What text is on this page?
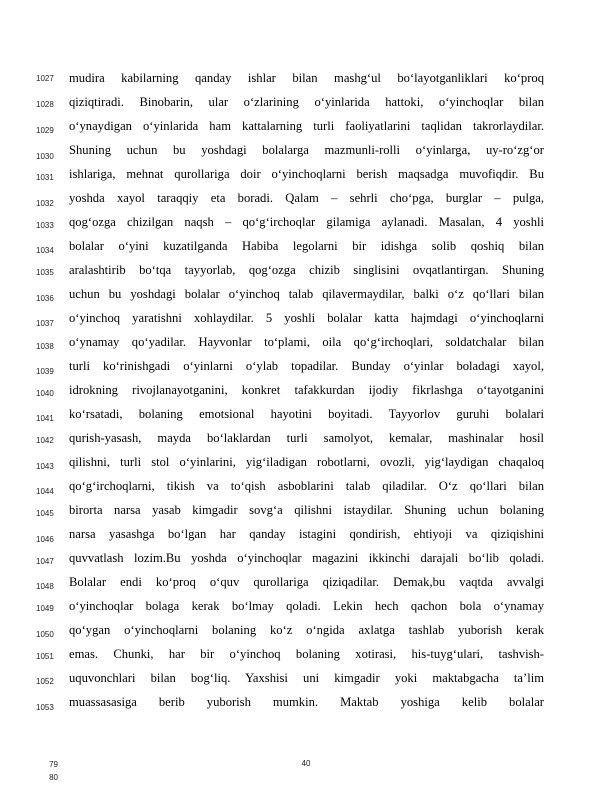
1027
1028
1029
1030
1031
1032
1033
1034
1035
1036
1037
1038
1039
1040
1041
1042
1043
1044
1045
1046
1047
1048
1049
1050
1051
1052
1053
mudira kabilarning qanday ishlar bilan mashg‘ul bo‘layotganliklari ko‘proq
qiziqtiradi. Binobarin, ular o‘zlarining o‘yinlarida hattoki, o‘yinchoqlar bilan
o‘ynaydigan o‘yinlarida ham kattalarning turli faoliyatlarini taqlidan takrorlaydilar.
Shuning uchun bu yoshdagi bolalarga mazmunli-rolli o‘yinlarga, uy-ro‘zg‘or
ishlariga, mehnat qurollariga doir o‘yinchoqlarni berish maqsadga muvofiqdir. Bu
yoshda xayol taraqqiy eta boradi. Qalam – sehrli cho‘pga, burglar – pulga,
qog‘ozga chizilgan naqsh – qo‘g‘irchoqlar gilamiga aylanadi. Masalan, 4 yoshli
bolalar o‘yini kuzatilganda Habiba legolarni bir idishga solib qoshiq bilan
aralashtirib bo‘tqa tayyorlab, qog‘ozga chizib singlisini ovqatlantirgan. Shuning
uchun bu yoshdagi bolalar o‘yinchoq talab qilavermaydilar, balki o‘z qo‘llari bilan
o‘yinchoq yaratishni xohlaydilar. 5 yoshli bolalar katta hajmdagi o‘yinchoqlarni
o‘ynamay qo‘yadilar. Hayvonlar to‘plami, oila qo‘g‘irchoqlari, soldatchalar bilan
turli ko‘rinishgadi o‘yinlarni o‘ylab topadilar. Bunday o‘yinlar boladagi xayol,
idrokning rivojlanayotganini, konkret tafakkurdan ijodiy fikrlashga o‘tayotganini
ko‘rsatadi, bolaning emotsional hayotini boyitadi. Tayyorlov guruhi bolalari
qurish-yasash, mayda bo‘laklardan turli samolyot, kemalar, mashinalar hosil
qilishni, turli stol o‘yinlarini, yig‘iladigan robotlarni, ovozli, yig‘laydigan chaqaloq
qo‘g‘irchoqlarni, tikish va to‘qish asboblarini talab qiladilar. O‘z qo‘llari bilan
birorta narsa yasab kimgadir sovg‘a qilishni istaydilar. Shuning uchun bolaning
narsa yasashga bo‘lgan har qanday istagini qondirish, ehtiyoji va qiziqishini
quvvatlash lozim.Bu yoshda o‘yinchoqlar magazini ikkinchi darajali bo‘lib qoladi.
Bolalar endi ko‘proq o‘quv qurollariga qiziqadilar. Demak,bu vaqtda avvalgi
o‘yinchoqlar bolaga kerak bo‘lmay qoladi. Lekin hech qachon bola o‘ynamay
qo‘ygan o‘yinchoqlarni bolaning ko‘z o‘ngida axlatga tashlab yuborish kerak
emas. Chunki, har bir o‘yinchoq bolaning xotirasi, his-tuyg‘ulari, tashvish-
uquvonchlari bilan bog‘liq. Yaxshisi uni kimgadir yoki maktabgacha ta’lim
muassasasiga berib yuborish mumkin. Maktab yoshiga kelib bolalar
79
80
40
